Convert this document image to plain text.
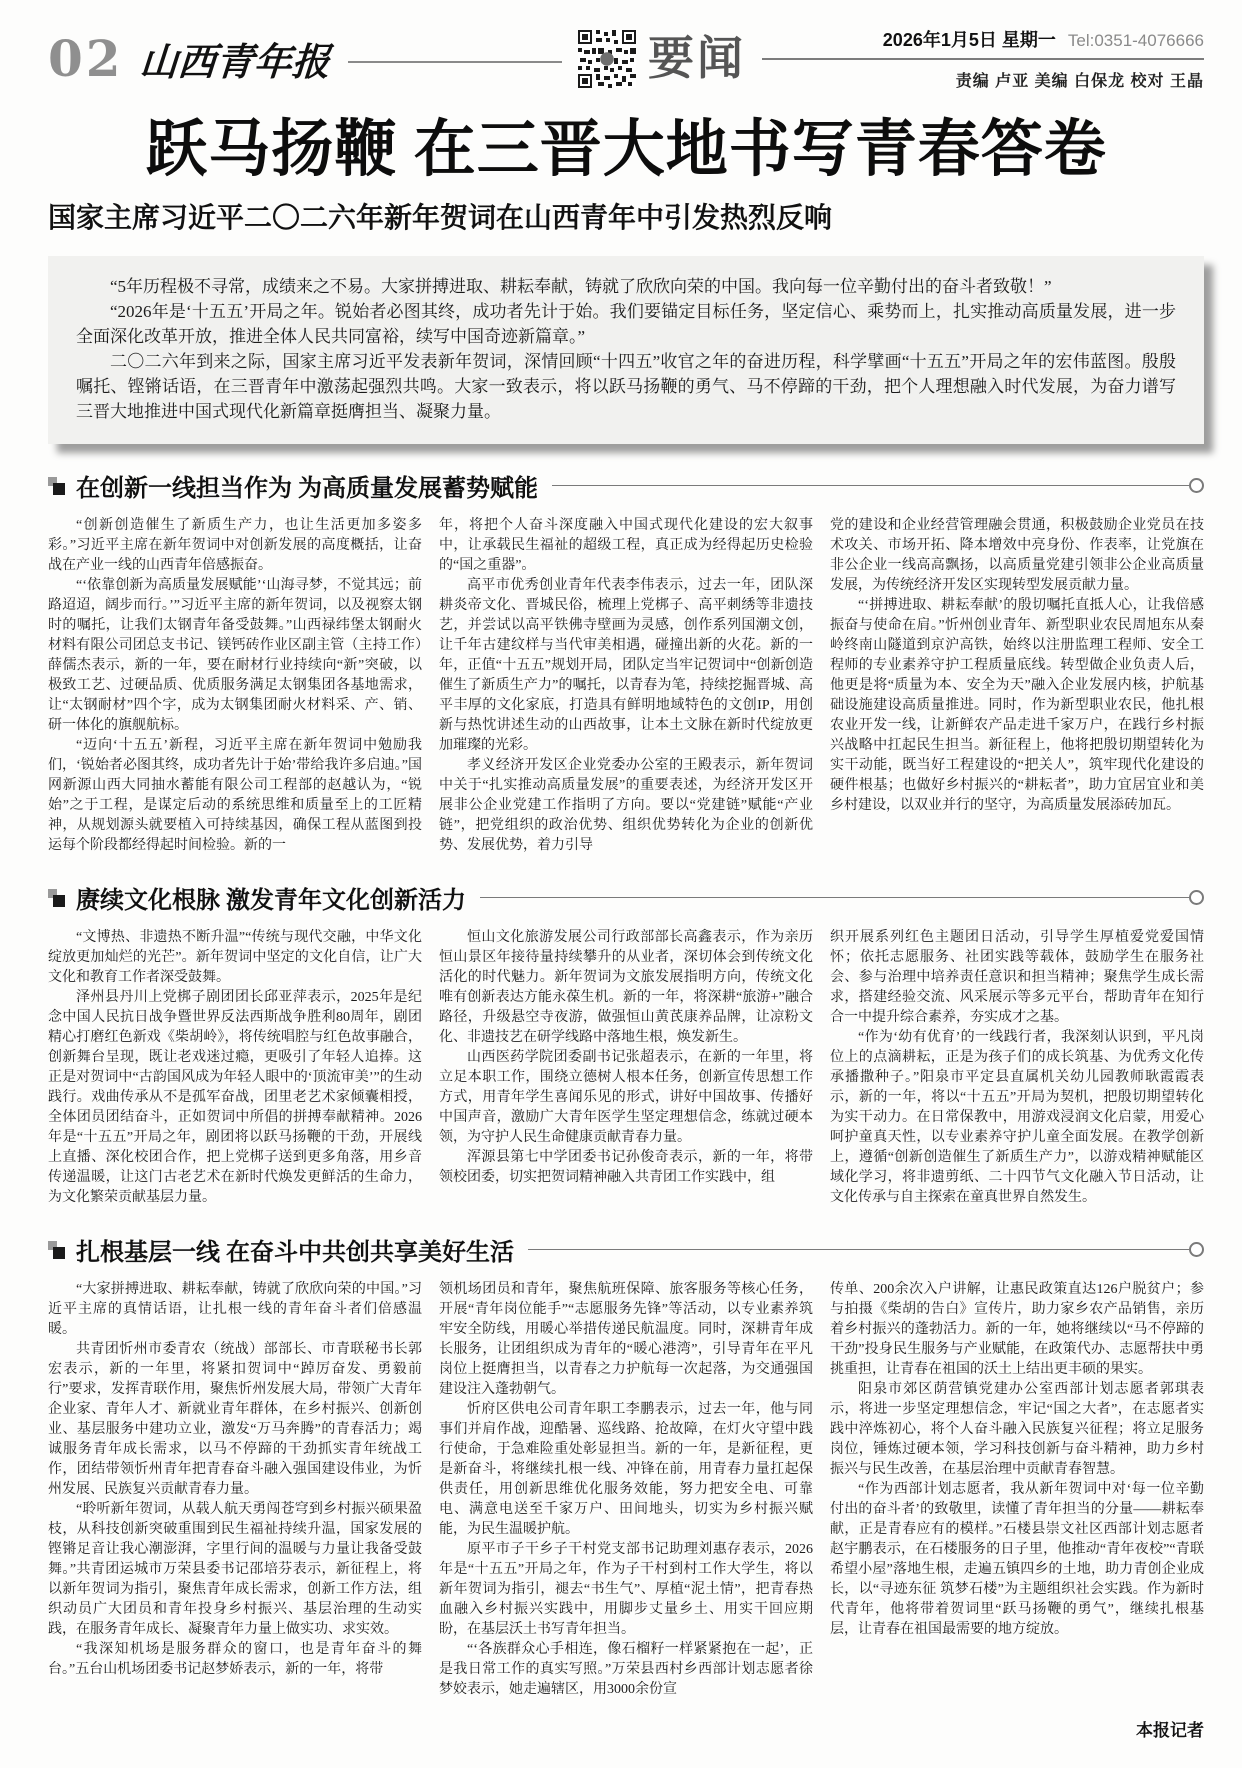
02 山西青年报	要闻	2026年1月5日 星期一 Tel:0351-4076666
责编 卢亚 美编 白保龙 校对 王晶
跃马扬鞭 在三晋大地书写青春答卷
国家主席习近平二〇二六年新年贺词在山西青年中引发热烈反响

“5年历程极不寻常，成绩来之不易。大家拼搏进取、耕耘奉献，铸就了欣欣向荣的中国。我向每一位辛勤付出的奋斗者致敬！”

“2026年是‘十五五’开局之年。锐始者必图其终，成功者先计于始。我们要锚定目标任务，坚定信心、乘势而上，扎实推动高质量发展，进一步全面深化改革开放，推进全体人民共同富裕，续写中国奇迹新篇章。”

二〇二六年到来之际，国家主席习近平发表新年贺词，深情回顾“十四五”收官之年的奋进历程，科学擘画“十五五”开局之年的宏伟蓝图。殷殷嘱托、铿锵话语，在三晋青年中激荡起强烈共鸣。大家一致表示，将以跃马扬鞭的勇气、马不停蹄的干劲，把个人理想融入时代发展，为奋力谱写三晋大地推进中国式现代化新篇章挺膺担当、凝聚力量。

在创新一线担当作为 为高质量发展蓄势赋能

“创新创造催生了新质生产力，也让生活更加多姿多彩。”习近平主席在新年贺词中对创新发展的高度概括，让奋战在产业一线的山西青年倍感振奋。

“‘依靠创新为高质量发展赋能’‘山海寻梦，不觉其远；前路迢迢，阔步而行。’”习近平主席的新年贺词，以及视察太钢时的嘱托，让我们太钢青年备受鼓舞。”山西禄纬堡太钢耐火材料有限公司团总支书记、镁钙砖作业区副主管（主持工作）薛儒杰表示，新的一年，要在耐材行业持续向“新”突破，以极致工艺、过硬品质、优质服务满足太钢集团各基地需求，让“太钢耐材”四个字，成为太钢集团耐火材料采、产、销、研一体化的旗舰航标。

“迈向‘十五五’新程，习近平主席在新年贺词中勉励我们，‘锐始者必图其终，成功者先计于始’带给我许多启迪。”国网新源山西大同抽水蓄能有限公司工程部的赵越认为，“锐始”之于工程，是谋定后动的系统思维和质量至上的工匠精神，从规划源头就要植入可持续基因，确保工程从蓝图到投运每个阶段都经得起时间检验。新的一

年，将把个人奋斗深度融入中国式现代化建设的宏大叙事中，让承载民生福祉的超级工程，真正成为经得起历史检验的“国之重器”。

高平市优秀创业青年代表李伟表示，过去一年，团队深耕炎帝文化、晋城民俗，梳理上党梆子、高平刺绣等非遗技艺，并尝试以高平铁佛寺壁画为灵感，创作系列国潮文创，让千年古建纹样与当代审美相遇，碰撞出新的火花。新的一年，正值“十五五”规划开局，团队定当牢记贺词中“创新创造催生了新质生产力”的嘱托，以青春为笔，持续挖掘晋城、高平丰厚的文化家底，打造具有鲜明地域特色的文创IP，用创新与热忱讲述生动的山西故事，让本土文脉在新时代绽放更加璀璨的光彩。

孝义经济开发区企业党委办公室的王殿表示，新年贺词中关于“扎实推动高质量发展”的重要表述，为经济开发区开展非公企业党建工作指明了方向。要以“党建链”赋能“产业链”，把党组织的政治优势、组织优势转化为企业的创新优势、发展优势，着力引导

党的建设和企业经营管理融会贯通，积极鼓励企业党员在技术攻关、市场开拓、降本增效中亮身份、作表率，让党旗在非公企业一线高高飘扬，以高质量党建引领非公企业高质量发展，为传统经济开发区实现转型发展贡献力量。

“‘拼搏进取、耕耘奉献’的殷切嘱托直抵人心，让我倍感振奋与使命在肩。”忻州创业青年、新型职业农民周旭东从秦岭终南山隧道到京沪高铁，始终以注册监理工程师、安全工程师的专业素养守护工程质量底线。转型做企业负责人后，他更是将“质量为本、安全为天”融入企业发展内核，护航基础设施建设高质量推进。同时，作为新型职业农民，他扎根农业开发一线，让新鲜农产品走进千家万户，在践行乡村振兴战略中扛起民生担当。新征程上，他将把殷切期望转化为实干动能，既当好工程建设的“把关人”，筑牢现代化建设的硬件根基；也做好乡村振兴的“耕耘者”，助力宜居宜业和美乡村建设，以双业并行的坚守，为高质量发展添砖加瓦。

赓续文化根脉 激发青年文化创新活力

“文博热、非遗热不断升温”“传统与现代交融，中华文化绽放更加灿烂的光芒”。新年贺词中坚定的文化自信，让广大文化和教育工作者深受鼓舞。

泽州县丹川上党梆子剧团团长邱亚萍表示，2025年是纪念中国人民抗日战争暨世界反法西斯战争胜利80周年，剧团精心打磨红色新戏《柴胡岭》，将传统唱腔与红色故事融合，创新舞台呈现，既让老戏迷过瘾，更吸引了年轻人追捧。这正是对贺词中“古韵国风成为年轻人眼中的‘顶流审美’”的生动践行。戏曲传承从不是孤军奋战，团里老艺术家倾囊相授，全体团员团结奋斗，正如贺词中所倡的拼搏奉献精神。2026年是“十五五”开局之年，剧团将以跃马扬鞭的干劲，开展线上直播、深化校团合作，把上党梆子送到更多角落，用乡音传递温暖，让这门古老艺术在新时代焕发更鲜活的生命力，为文化繁荣贡献基层力量。

恒山文化旅游发展公司行政部部长高鑫表示，作为亲历恒山景区年接待量持续攀升的从业者，深切体会到传统文化活化的时代魅力。新年贺词为文旅发展指明方向，传统文化唯有创新表达方能永葆生机。新的一年，将深耕“旅游+”融合路径，升级悬空寺夜游，做强恒山黄芪康养品牌，让凉粉文化、非遗技艺在研学线路中落地生根，焕发新生。

山西医药学院团委副书记张超表示，在新的一年里，将立足本职工作，围绕立德树人根本任务，创新宣传思想工作方式，用青年学生喜闻乐见的形式，讲好中国故事、传播好中国声音，激励广大青年医学生坚定理想信念，练就过硬本领，为守护人民生命健康贡献青春力量。

浑源县第七中学团委书记孙俊奇表示，新的一年，将带领校团委，切实把贺词精神融入共青团工作实践中，组

织开展系列红色主题团日活动，引导学生厚植爱党爱国情怀；依托志愿服务、社团实践等载体，鼓励学生在服务社会、参与治理中培养责任意识和担当精神；聚焦学生成长需求，搭建经验交流、风采展示等多元平台，帮助青年在知行合一中提升综合素养，夯实成才之基。

“作为‘幼有优育’的一线践行者，我深刻认识到，平凡岗位上的点滴耕耘，正是为孩子们的成长筑基、为优秀文化传承播撒种子。”阳泉市平定县直属机关幼儿园教师耿霞霞表示，新的一年，将以“十五五”开局为契机，把殷切期望转化为实干动力。在日常保教中，用游戏浸润文化启蒙，用爱心呵护童真天性，以专业素养守护儿童全面发展。在教学创新上，遵循“创新创造催生了新质生产力”，以游戏精神赋能区域化学习，将非遗剪纸、二十四节气文化融入节日活动，让文化传承与自主探索在童真世界自然发生。

扎根基层一线 在奋斗中共创共享美好生活

“大家拼搏进取、耕耘奉献，铸就了欣欣向荣的中国。”习近平主席的真情话语，让扎根一线的青年奋斗者们倍感温暖。

共青团忻州市委青农（统战）部部长、市青联秘书长郭宏表示，新的一年里，将紧扣贺词中“踔厉奋发、勇毅前行”要求，发挥青联作用，聚焦忻州发展大局，带领广大青年企业家、青年人才、新就业青年群体，在乡村振兴、创新创业、基层服务中建功立业，激发“万马奔腾”的青春活力；竭诚服务青年成长需求，以马不停蹄的干劲抓实青年统战工作，团结带领忻州青年把青春奋斗融入强国建设伟业，为忻州发展、民族复兴贡献青春力量。

“聆听新年贺词，从载人航天勇闯苍穹到乡村振兴硕果盈枝，从科技创新突破重围到民生福祉持续升温，国家发展的铿锵足音让我心潮澎湃，字里行间的温暖与力量让我备受鼓舞。”共青团运城市万荣县委书记邵培芬表示，新征程上，将以新年贺词为指引，聚焦青年成长需求，创新工作方法，组织动员广大团员和青年投身乡村振兴、基层治理的生动实践，在服务青年成长、凝聚青年力量上做实功、求实效。

“我深知机场是服务群众的窗口，也是青年奋斗的舞台。”五台山机场团委书记赵梦娇表示，新的一年，将带

领机场团员和青年，聚焦航班保障、旅客服务等核心任务，开展“青年岗位能手”“志愿服务先锋”等活动，以专业素养筑牢安全防线，用暖心举措传递民航温度。同时，深耕青年成长服务，让团组织成为青年的“暖心港湾”，引导青年在平凡岗位上挺膺担当，以青春之力护航每一次起落，为交通强国建设注入蓬勃朝气。

忻府区供电公司青年职工李鹏表示，过去一年，他与同事们并肩作战，迎酷暑、巡线路、抢故障，在灯火守望中践行使命，于急难险重处彰显担当。新的一年，是新征程，更是新奋斗，将继续扎根一线、冲锋在前，用青春力量扛起保供责任，用创新思维优化服务效能，努力把安全电、可靠电、满意电送至千家万户、田间地头，切实为乡村振兴赋能，为民生温暖护航。

原平市子干乡子干村党支部书记助理刘惠存表示，2026年是“十五五”开局之年，作为子干村到村工作大学生，将以新年贺词为指引，褪去“书生气”、厚植“泥土情”，把青春热血融入乡村振兴实践中，用脚步丈量乡土、用实干回应期盼，在基层沃土书写青年担当。

“‘各族群众心手相连，像石榴籽一样紧紧抱在一起’，正是我日常工作的真实写照。”万荣县西村乡西部计划志愿者徐梦姣表示，她走遍辖区，用3000余份宣

传单、200余次入户讲解，让惠民政策直达126户脱贫户；参与拍摄《柴胡的告白》宣传片，助力家乡农产品销售，亲历着乡村振兴的蓬勃活力。新的一年，她将继续以“马不停蹄的干劲”投身民生服务与产业赋能，在政策代办、志愿帮扶中勇挑重担，让青春在祖国的沃土上结出更丰硕的果实。

阳泉市郊区荫营镇党建办公室西部计划志愿者郭琪表示，将进一步坚定理想信念，牢记“国之大者”，在志愿者实践中淬炼初心，将个人奋斗融入民族复兴征程；将立足服务岗位，锤炼过硬本领，学习科技创新与奋斗精神，助力乡村振兴与民生改善，在基层治理中贡献青春智慧。

“作为西部计划志愿者，我从新年贺词中对‘每一位辛勤付出的奋斗者’的致敬里，读懂了青年担当的分量——耕耘奉献，正是青春应有的模样。”石楼县崇文社区西部计划志愿者赵宇鹏表示，在石楼服务的日子里，他推动“青年夜校”“青联希望小屋”落地生根，走遍五镇四乡的土地，助力青创企业成长，以“寻迹东征 筑梦石楼”为主题组织社会实践。作为新时代青年，他将带着贺词里“跃马扬鞭的勇气”，继续扎根基层，让青春在祖国最需要的地方绽放。

本报记者
